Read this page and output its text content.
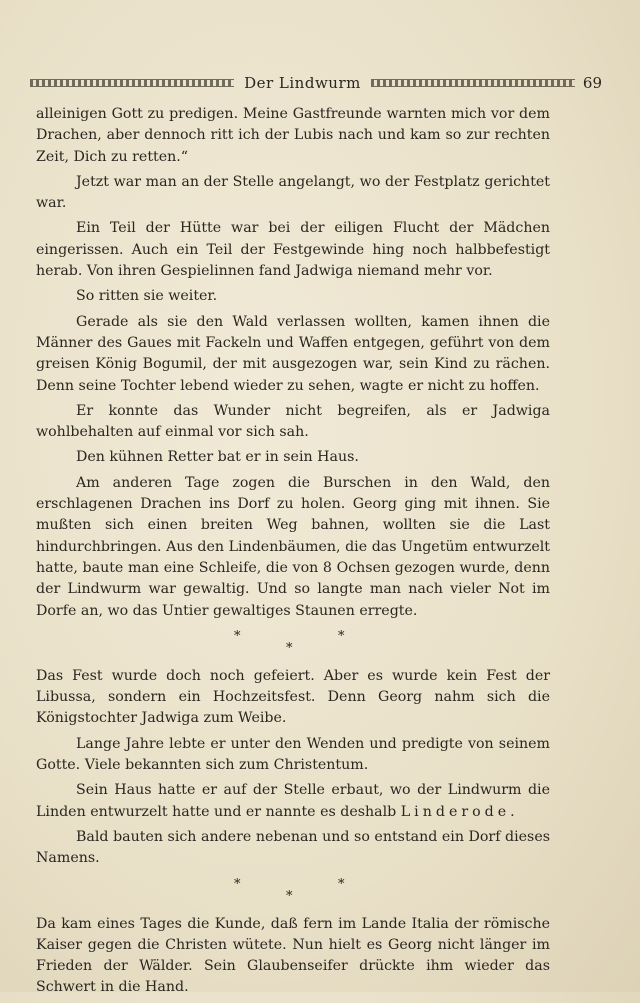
Der Lindwurm	69

alleinigen Gott zu predigen. Meine Gastfreunde warnten mich vor dem Drachen, aber dennoch ritt ich der Lubis nach und kam so zur rechten Zeit, Dich zu retten.“

Jetzt war man an der Stelle angelangt, wo der Festplatz gerichtet war.

Ein Teil der Hütte war bei der eiligen Flucht der Mädchen eingerissen. Auch ein Teil der Festgewinde hing noch halbbefestigt herab. Von ihren Gespielinnen fand Jadwiga niemand mehr vor.

So ritten sie weiter.

Gerade als sie den Wald verlassen wollten, kamen ihnen die Männer des Gaues mit Fackeln und Waffen entgegen, geführt von dem greisen König Bogumil, der mit ausgezogen war, sein Kind zu rächen. Denn seine Tochter lebend wieder zu sehen, wagte er nicht zu hoffen.

Er konnte das Wunder nicht begreifen, als er Jadwiga wohlbehalten auf einmal vor sich sah.

Den kühnen Retter bat er in sein Haus.

Am anderen Tage zogen die Burschen in den Wald, den erschlagenen Drachen ins Dorf zu holen. Georg ging mit ihnen. Sie mußten sich einen breiten Weg bahnen, wollten sie die Last hindurchbringen. Aus den Lindenbäumen, die das Ungetüm entwurzelt hatte, baute man eine Schleife, die von 8 Ochsen gezogen wurde, denn der Lindwurm war gewaltig. Und so langte man nach vieler Not im Dorfe an, wo das Untier gewaltiges Staunen erregte.

*	*
*

Das Fest wurde doch noch gefeiert. Aber es wurde kein Fest der Libussa, sondern ein Hochzeitsfest. Denn Georg nahm sich die Königstochter Jadwiga zum Weibe.

Lange Jahre lebte er unter den Wenden und predigte von seinem Gotte. Viele bekannten sich zum Christentum.

Sein Haus hatte er auf der Stelle erbaut, wo der Lindwurm die Linden entwurzelt hatte und er nannte es deshalb Linderode.

Bald bauten sich andere nebenan und so entstand ein Dorf dieses Namens.

*	*
*

Da kam eines Tages die Kunde, daß fern im Lande Italia der römische Kaiser gegen die Christen wütete. Nun hielt es Georg nicht länger im Frieden der Wälder. Sein Glaubenseifer drückte ihm wieder das Schwert in die Hand.
